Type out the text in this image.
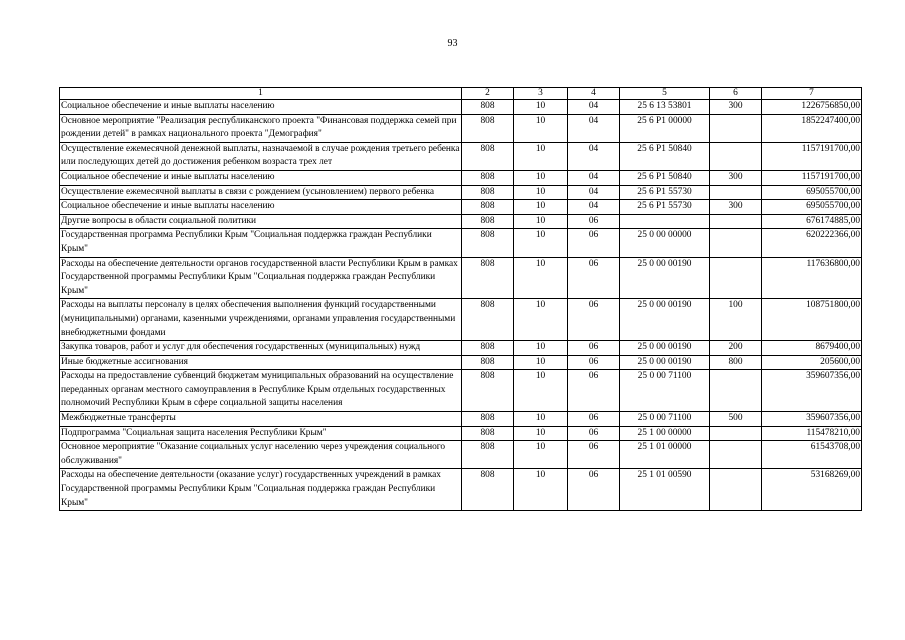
93
1	2	3	4	5	6	7
Социальное обеспечение и иные выплаты населению	808	10	04	25 6 13 53801	300	1226756850,00
Основное мероприятие "Реализация республиканского проекта "Финансовая поддержка семей при рождении детей" в рамках национального проекта "Демография"	808	10	04	25 6 Р1 00000		1852247400,00
Осуществление ежемесячной денежной выплаты, назначаемой в случае рождения третьего ребенка или последующих детей до достижения ребенком возраста трех лет	808	10	04	25 6 Р1 50840		1157191700,00
Социальное обеспечение и иные выплаты населению	808	10	04	25 6 Р1 50840	300	1157191700,00
Осуществление ежемесячной выплаты в связи с рождением (усыновлением) первого ребенка	808	10	04	25 6 Р1 55730		695055700,00
Социальное обеспечение и иные выплаты населению	808	10	04	25 6 Р1 55730	300	695055700,00
Другие вопросы в области социальной политики	808	10	06			676174885,00
Государственная программа Республики Крым "Социальная поддержка граждан Республики Крым"	808	10	06	25 0 00 00000		620222366,00
Расходы на обеспечение деятельности органов государственной власти Республики Крым в рамках Государственной программы Республики Крым "Социальная поддержка граждан Республики Крым"	808	10	06	25 0 00 00190		117636800,00
Расходы на выплаты персоналу в целях обеспечения выполнения функций государственными (муниципальными) органами, казенными учреждениями, органами управления государственными внебюджетными фондами	808	10	06	25 0 00 00190	100	108751800,00
Закупка товаров, работ и услуг для обеспечения государственных (муниципальных) нужд	808	10	06	25 0 00 00190	200	8679400,00
Иные бюджетные ассигнования	808	10	06	25 0 00 00190	800	205600,00
Расходы на предоставление субвенций бюджетам муниципальных образований на осуществление переданных органам местного самоуправления в Республике Крым отдельных государственных полномочий Республики Крым в сфере социальной защиты населения	808	10	06	25 0 00 71100		359607356,00
Межбюджетные трансферты	808	10	06	25 0 00 71100	500	359607356,00
Подпрограмма "Социальная защита населения Республики Крым"	808	10	06	25 1 00 00000		115478210,00
Основное мероприятие "Оказание социальных услуг населению через учреждения социального обслуживания"	808	10	06	25 1 01 00000		61543708,00
Расходы на обеспечение деятельности (оказание услуг) государственных учреждений в рамках Государственной программы Республики Крым "Социальная поддержка граждан Республики Крым"	808	10	06	25 1 01 00590		53168269,00
